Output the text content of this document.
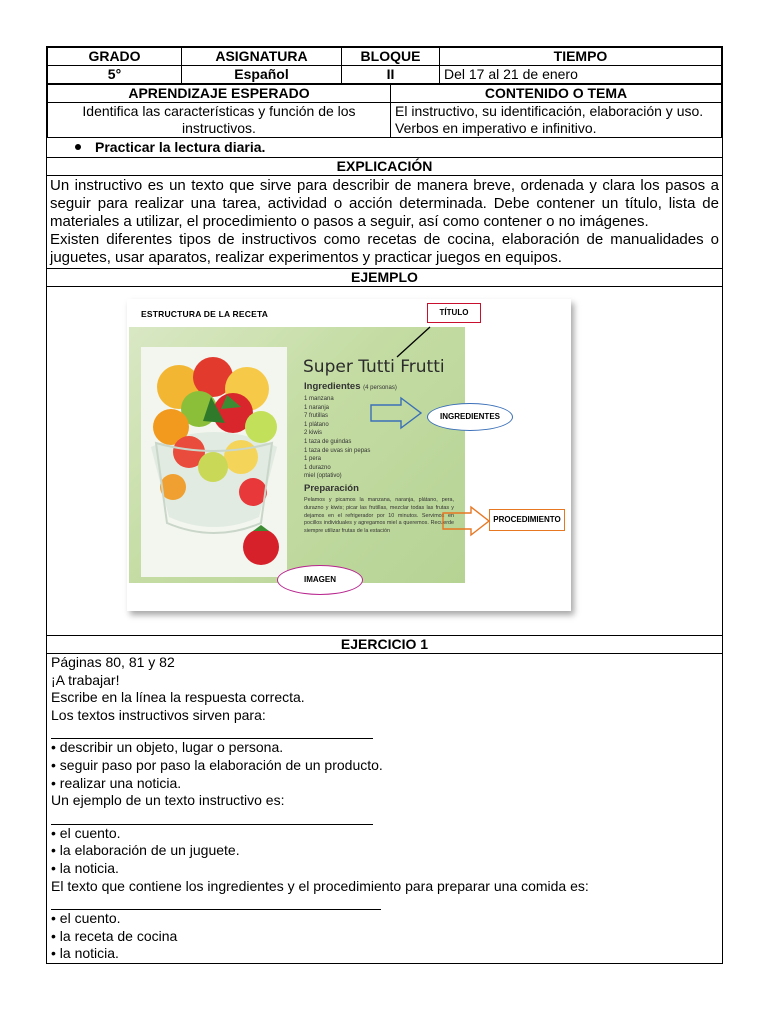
GRADO	ASIGNATURA	BLOQUE	TIEMPO
5°	Español	II	Del 17 al 21 de enero
APRENDIZAJE ESPERADO	CONTENIDO O TEMA
Identifica las características y función de los instructivos.	El instructivo, su identificación, elaboración y uso. Verbos en imperativo e infinitivo.
Practicar la lectura diaria.
EXPLICACIÓN
Un instructivo es un texto que sirve para describir de manera breve, ordenada y clara los pasos a seguir para realizar una tarea, actividad o acción determinada. Debe contener un título, lista de materiales a utilizar, el procedimiento o pasos a seguir, así como contener o no imágenes.
Existen diferentes tipos de instructivos como recetas de cocina, elaboración de manualidades o juguetes, usar aparatos, realizar experimentos y practicar juegos en equipos.
EJEMPLO
ESTRUCTURA DE LA RECETA
Super Tutti Frutti
Ingredientes (4 personas)
1 manzana
1 naranja
7 frutillas
1 plátano
2 kiwis
1 taza de guindas
1 taza de uvas sin pepas
1 pera
1 durazno
miel (optativo)
Preparación
Pelamos y picamos la manzana, naranja, plátano, pera, durazno y kiwis; picar las frutillas, mezclar todas las frutas y dejamos en el refrigerador por 10 minutos. Servimos en pocillos individuales y agregamos miel a queremos. Recuerde siempre utilizar frutas de la estación
TÍTULO
INGREDIENTES
PROCEDIMIENTO
IMAGEN
EJERCICIO 1
Páginas 80, 81 y 82
¡A trabajar!
Escribe en la línea la respuesta correcta.
Los textos instructivos sirven para:
• describir un objeto, lugar o persona.
• seguir paso por paso la elaboración de un producto.
• realizar una noticia.
Un ejemplo de un texto instructivo es:
• el cuento.
• la elaboración de un juguete.
• la noticia.
El texto que contiene los ingredientes y el procedimiento para preparar una comida es:
• el cuento.
• la receta de cocina
• la noticia.
